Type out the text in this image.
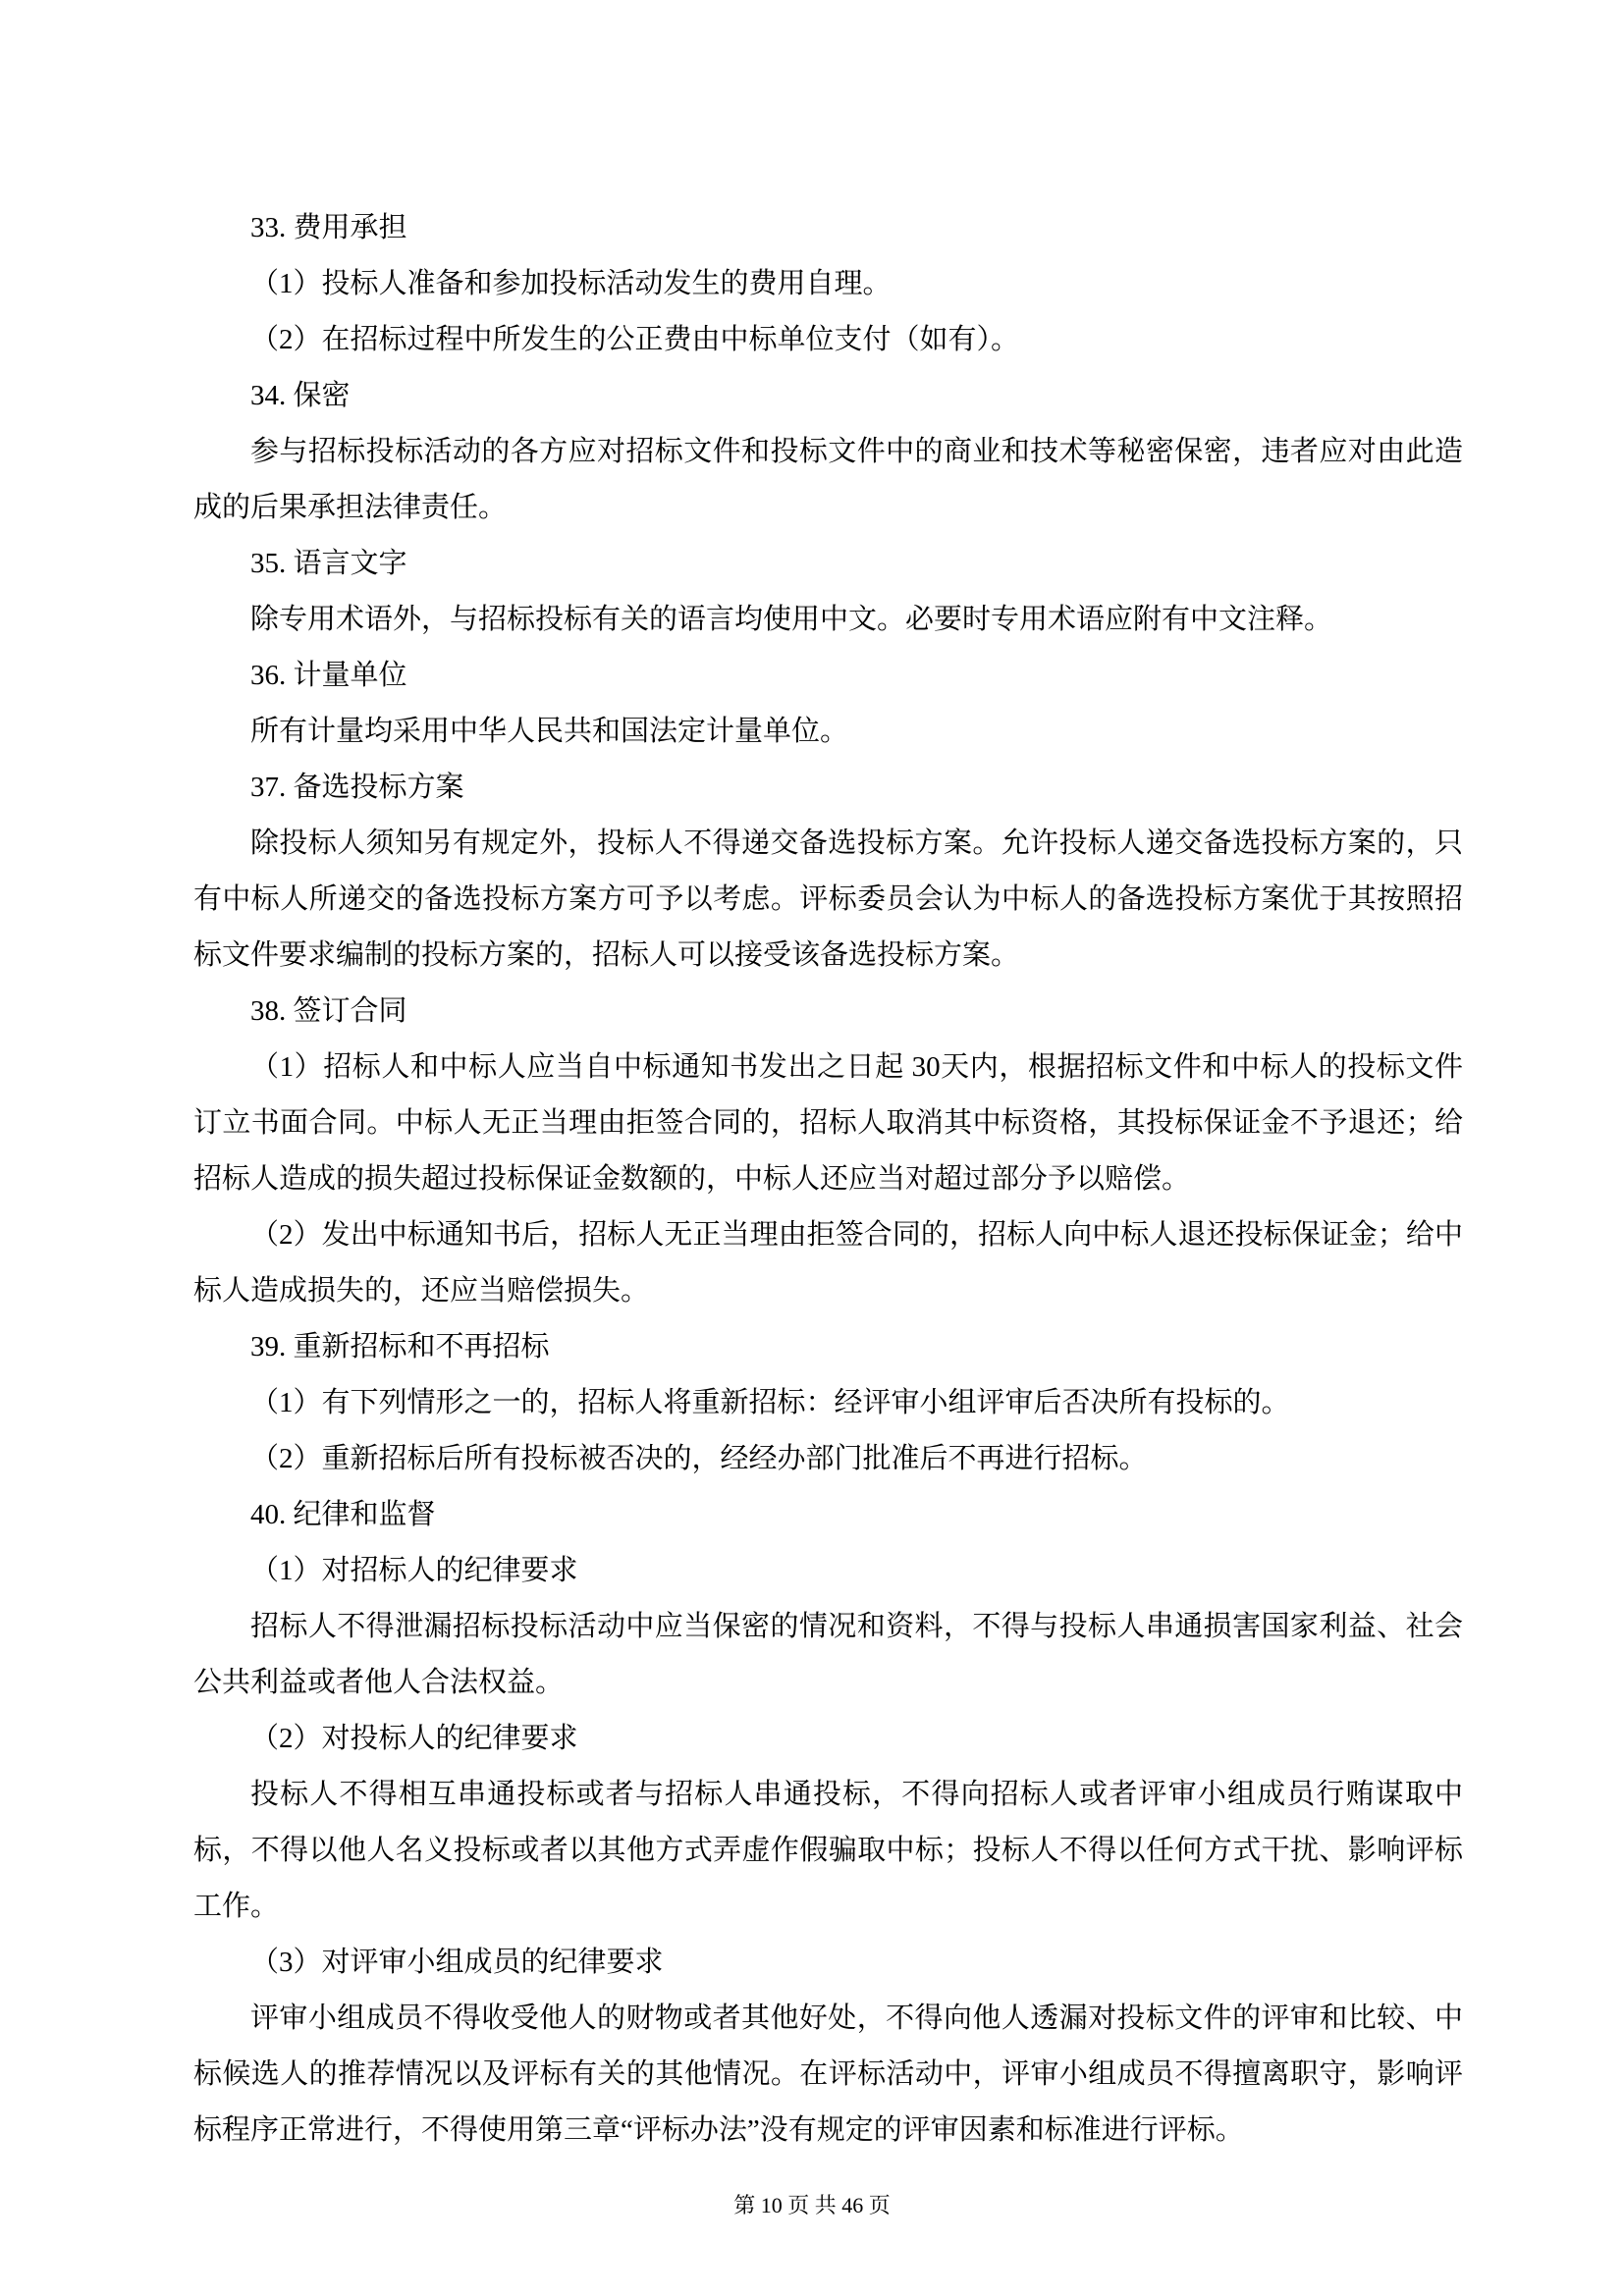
33. 费用承担

（1）投标人准备和参加投标活动发生的费用自理。

（2）在招标过程中所发生的公正费由中标单位支付（如有）。

34. 保密

参与招标投标活动的各方应对招标文件和投标文件中的商业和技术等秘密保密，违者应对由此造成的后果承担法律责任。

35. 语言文字

除专用术语外，与招标投标有关的语言均使用中文。必要时专用术语应附有中文注释。

36. 计量单位

所有计量均采用中华人民共和国法定计量单位。

37. 备选投标方案

除投标人须知另有规定外，投标人不得递交备选投标方案。允许投标人递交备选投标方案的，只有中标人所递交的备选投标方案方可予以考虑。评标委员会认为中标人的备选投标方案优于其按照招标文件要求编制的投标方案的，招标人可以接受该备选投标方案。

38. 签订合同

（1）招标人和中标人应当自中标通知书发出之日起 30天内，根据招标文件和中标人的投标文件订立书面合同。中标人无正当理由拒签合同的，招标人取消其中标资格，其投标保证金不予退还；给招标人造成的损失超过投标保证金数额的，中标人还应当对超过部分予以赔偿。

（2）发出中标通知书后，招标人无正当理由拒签合同的，招标人向中标人退还投标保证金；给中标人造成损失的，还应当赔偿损失。

39. 重新招标和不再招标

（1）有下列情形之一的，招标人将重新招标：经评审小组评审后否决所有投标的。

（2）重新招标后所有投标被否决的，经经办部门批准后不再进行招标。

40. 纪律和监督

（1）对招标人的纪律要求

招标人不得泄漏招标投标活动中应当保密的情况和资料，不得与投标人串通损害国家利益、社会公共利益或者他人合法权益。

（2）对投标人的纪律要求

投标人不得相互串通投标或者与招标人串通投标，不得向招标人或者评审小组成员行贿谋取中标，不得以他人名义投标或者以其他方式弄虚作假骗取中标；投标人不得以任何方式干扰、影响评标工作。

（3）对评审小组成员的纪律要求

评审小组成员不得收受他人的财物或者其他好处，不得向他人透漏对投标文件的评审和比较、中标候选人的推荐情况以及评标有关的其他情况。在评标活动中，评审小组成员不得擅离职守，影响评标程序正常进行，不得使用第三章“评标办法”没有规定的评审因素和标准进行评标。

第 10 页 共 46 页
